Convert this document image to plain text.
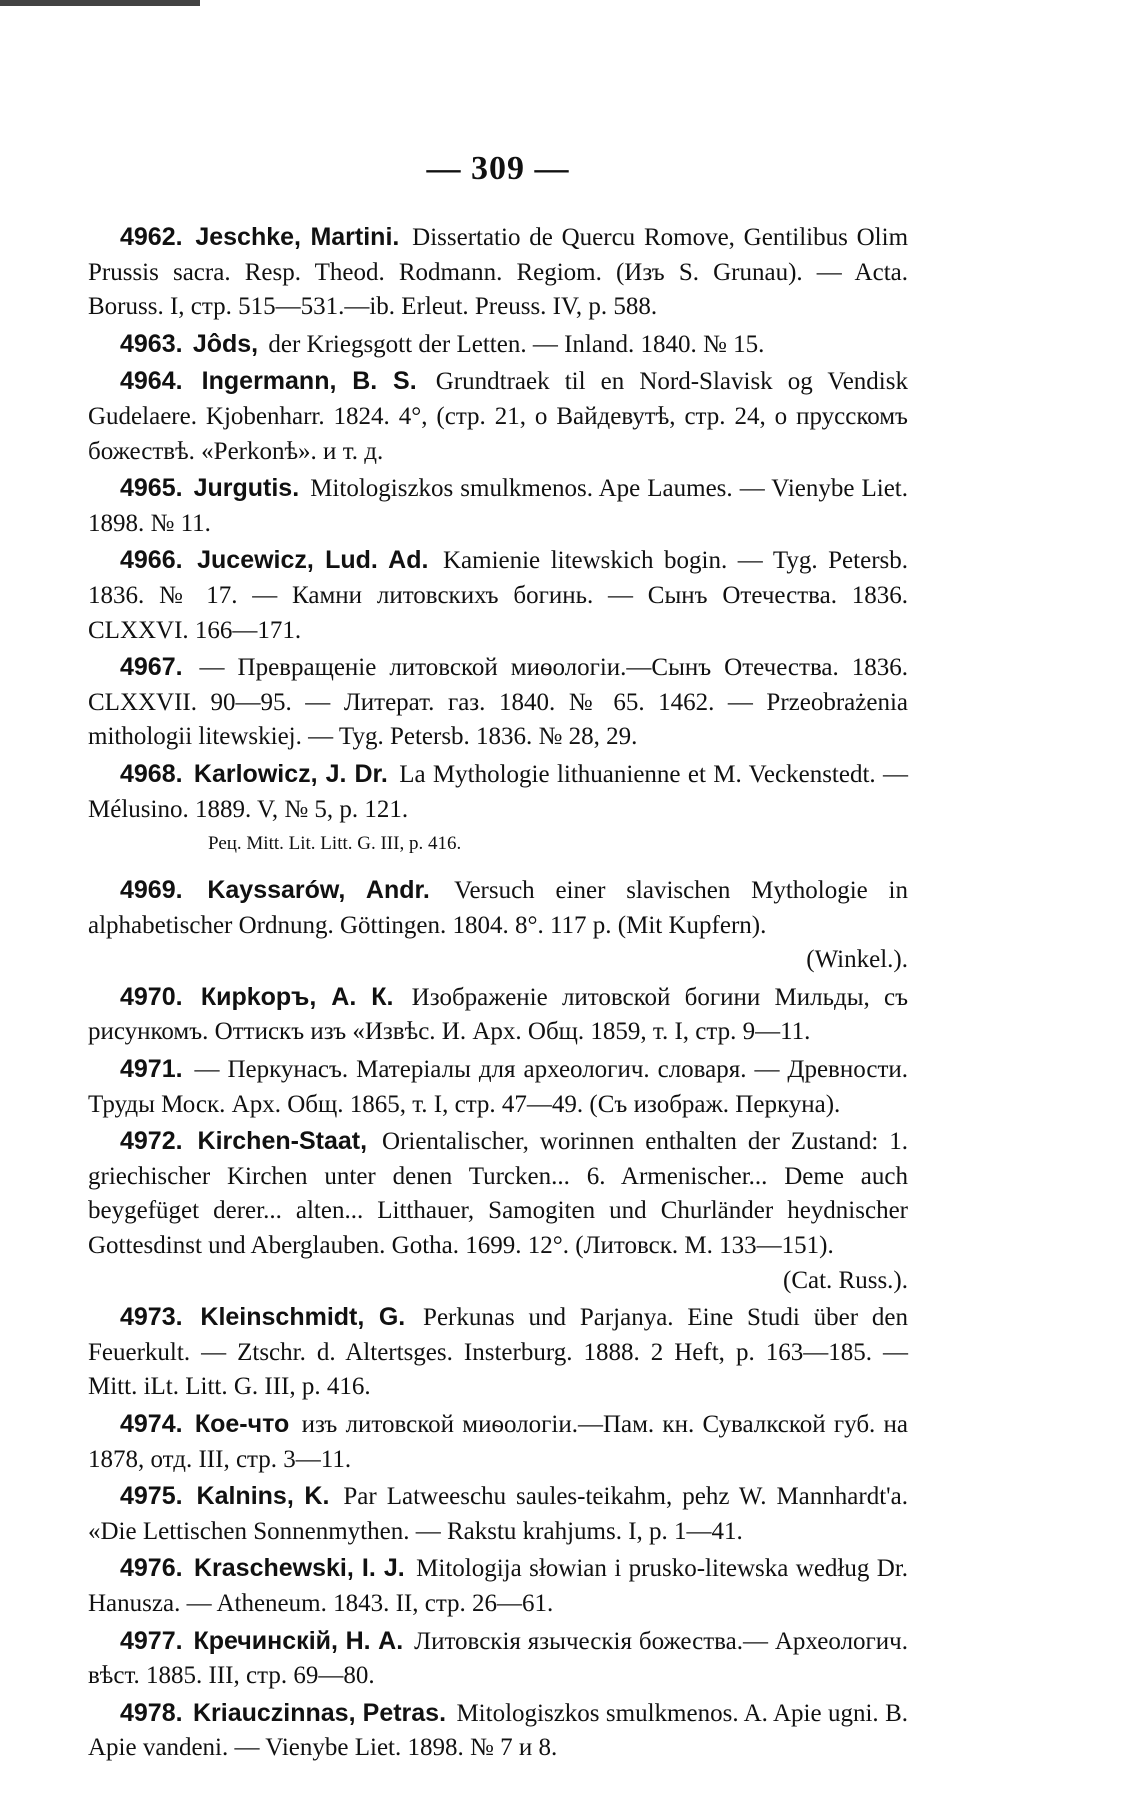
— 309 —
4962. Jeschke, Martini. Dissertatio de Quercu Romove, Gentilibus Olim Prussis sacra. Resp. Theod. Rodmann. Regiom. (Изъ S. Grunau). — Acta. Boruss. I, стр. 515—531.—ib. Erleut. Preuss. IV, p. 588.
4963. Jôds, der Kriegsgott der Letten. — Inland. 1840. № 15.
4964. Ingermann, B. S. Grundtraek til en Nord-Slavisk og Vendisk Gudelaere. Kjobenharr. 1824. 4°, (стр. 21, о Вайдевутѣ, стр. 24, о прусскомъ божествѣ. «Perkonѣ». и т. д.
4965. Jurgutis. Mitologiszkos smulkmenos. Ape Laumes. — Vienybe Liet. 1898. № 11.
4966. Jucewicz, Lud. Ad. Kamienie litewskich bogin. — Tyg. Petersb. 1836. № 17. — Камни литовскихъ богинь. — Сынъ Отечества. 1836. CLXXVI. 166—171.
4967. — Превращеніе литовской миѳологіи.—Сынъ Отечества. 1836. CLXXVII. 90—95. — Литерат. газ. 1840. № 65. 1462. — Przeobrażenia mithologii litewskiej. — Tyg. Petersb. 1836. № 28, 29.
4968. Karlowicz, J. Dr. La Mythologie lithuanienne et M. Veckenstedt. — Mélusino. 1889. V, № 5, p. 121.
Рец. Mitt. Lit. Litt. G. III, p. 416.
4969. Kayssarów, Andr. Versuch einer slavischen Mythologie in alphabetischer Ordnung. Göttingen. 1804. 8°. 117 p. (Mit Kupfern).
(Winkel.).
4970. Кирkоръ, А. К. Изображеніе литовской богини Мильды, съ рисункомъ. Оттискъ изъ «Извѣс. И. Арх. Общ. 1859, т. I, стр. 9—11.
4971. — Перкунасъ. Матеріалы для археологич. словаря. — Древности. Труды Моск. Арх. Общ. 1865, т. I, стр. 47—49. (Съ изображ. Перкуна).
4972. Kirchen-Staat, Orientalischer, worinnen enthalten der Zustand: 1. griechischer Kirchen unter denen Turcken... 6. Armenischer... Deme auch beygefüget derer... alten... Litthauer, Samogiten und Churländer heydnischer Gottesdinst und Aberglauben. Gotha. 1699. 12°. (Литовск. М. 133—151).
(Cat. Russ.).
4973. Kleinschmidt, G. Perkunas und Parjanya. Eine Studi über den Feuerkult. — Ztschr. d. Altertsges. Insterburg. 1888. 2 Heft, p. 163—185. — Mitt. iLt. Litt. G. III, p. 416.
4974. Кое-что изъ литовской миѳологіи.—Пам. кн. Сувалкской губ. на 1878, отд. III, стр. 3—11.
4975. Kalnins, K. Par Latweeschu saules-teikahm, pehz W. Mannhardt'a. «Die Lettischen Sonnenmythen. — Rakstu krahjums. I, p. 1—41.
4976. Kraschewski, I. J. Mitologija słowian i prusko-litewska według Dr. Hanusza. — Atheneum. 1843. II, стр. 26—61.
4977. Кречинскій, Н. А. Литовскія языческія божества.— Археологич. вѣст. 1885. III, стр. 69—80.
4978. Kriauczinnas, Petras. Mitologiszkos smulkmenos. A. Apie ugni. B. Apie vandeni. — Vienybe Liet. 1898. № 7 и 8.
